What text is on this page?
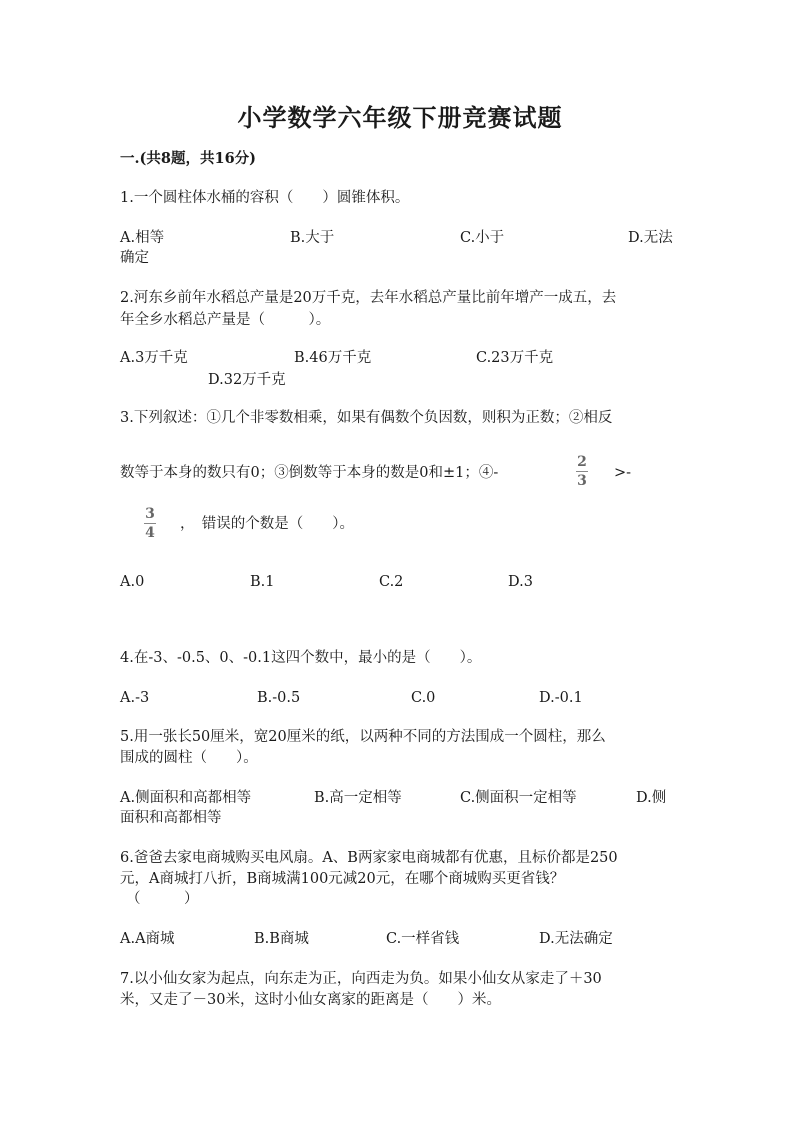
小学数学六年级下册竞赛试题
一.(共8题，共16分)
1.一个圆柱体水桶的容积（　　）圆锥体积。
A.相等	B.大于	C.小于	D.无法
确定
2.河东乡前年水稻总产量是20万千克，去年水稻总产量比前年增产一成五，去
年全乡水稻总产量是（　　　）。
A.3万千克	B.46万千克	C.23万千克
D.32万千克
3.下列叙述：①几个非零数相乘，如果有偶数个负因数，则积为正数；②相反
数等于本身的数只有0；③倒数等于本身的数是0和±1；④-
2
3 >-
3
4
，　错误的个数是（　　）。
A.0	B.1	C.2	D.3
4.在-3、-0.5、0、-0.1这四个数中，最小的是（　　）。
A.-3	B.-0.5	C.0	D.-0.1
5.用一张长50厘米，宽20厘米的纸，以两种不同的方法围成一个圆柱，那么
围成的圆柱（　　）。
A.侧面积和高都相等	B.高一定相等	C.侧面积一定相等	D.侧
面积和高都相等
6.爸爸去家电商城购买电风扇。A、B两家家电商城都有优惠，且标价都是250
元，A商城打八折，B商城满100元减20元，在哪个商城购买更省钱？
（　　　）
A.A商城	B.B商城	C.一样省钱	D.无法确定
7.以小仙女家为起点，向东走为正，向西走为负。如果小仙女从家走了＋30
米，又走了－30米，这时小仙女离家的距离是（　　）米。
